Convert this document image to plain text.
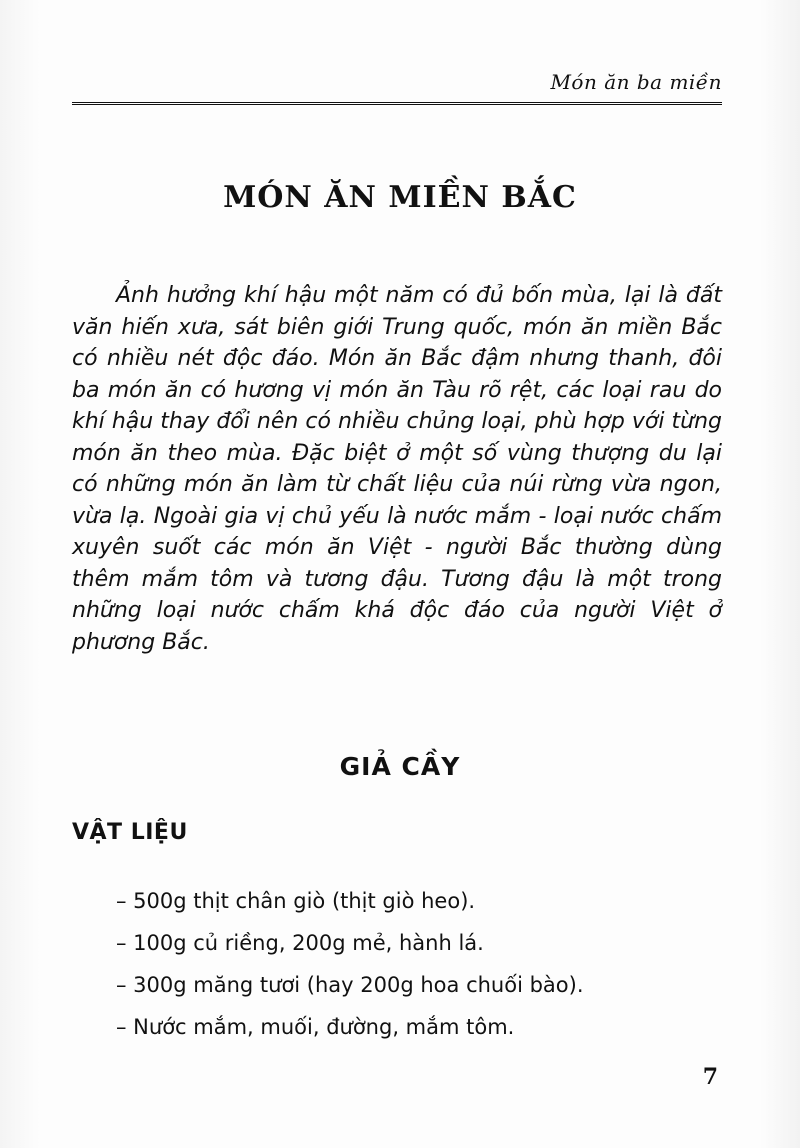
Món ăn ba miền
MÓN ĂN MIỀN BẮC

Ảnh hưởng khí hậu một năm có đủ bốn mùa, lại là đất văn hiến xưa, sát biên giới Trung quốc, món ăn miền Bắc có nhiều nét độc đáo. Món ăn Bắc đậm nhưng thanh, đôi ba món ăn có hương vị món ăn Tàu rõ rệt, các loại rau do khí hậu thay đổi nên có nhiều chủng loại, phù hợp với từng món ăn theo mùa. Đặc biệt ở một số vùng thượng du lại có những món ăn làm từ chất liệu của núi rừng vừa ngon, vừa lạ. Ngoài gia vị chủ yếu là nước mắm - loại nước chấm xuyên suốt các món ăn Việt - người Bắc thường dùng thêm mắm tôm và tương đậu. Tương đậu là một trong những loại nước chấm khá độc đáo của người Việt ở phương Bắc.

GIẢ CẦY
VẬT LIỆU
– 500g thịt chân giò (thịt giò heo).
– 100g củ riềng, 200g mẻ, hành lá.
– 300g măng tươi (hay 200g hoa chuối bào).
– Nước mắm, muối, đường, mắm tôm.
7
